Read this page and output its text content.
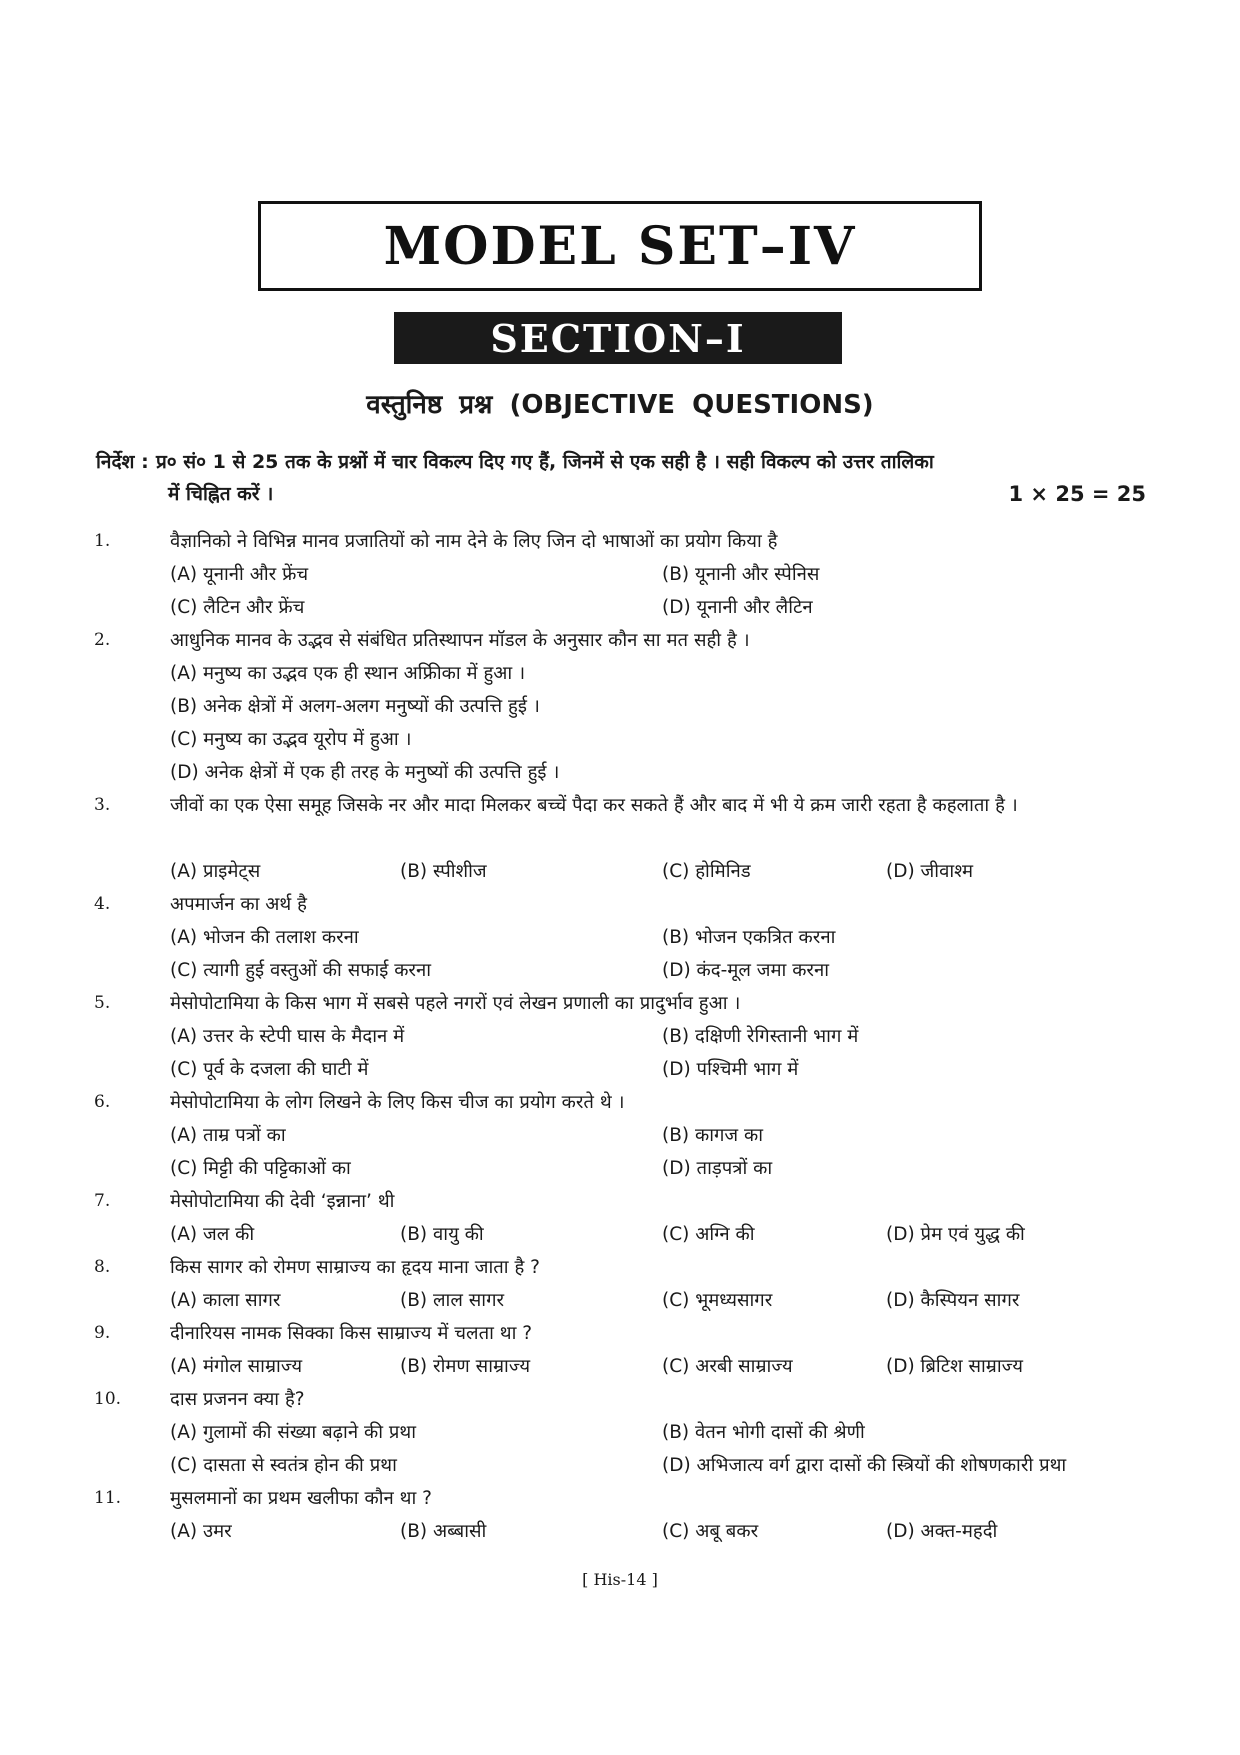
MODEL SET–IV
SECTION–I
वस्तुनिष्ठ प्रश्न (OBJECTIVE QUESTIONS)
निर्देश : प्र० सं० 1 से 25 तक के प्रश्नों में चार विकल्प दिए गए हैं, जिनमें से एक सही है । सही विकल्प को उत्तर तालिका
में चिह्नित करें ।	1 × 25 = 25
1.	वैज्ञानिको ने विभिन्न मानव प्रजातियों को नाम देने के लिए जिन दो भाषाओं का प्रयोग किया है
(A) यूनानी और फ्रेंच	(B) यूनानी और स्पेनिस
(C) लैटिन और फ्रेंच	(D) यूनानी और लैटिन
2.	आधुनिक मानव के उद्भव से संबंधित प्रतिस्थापन मॉडल के अनुसार कौन सा मत सही है ।
(A) मनुष्य का उद्भव एक ही स्थान अफ्रिीका में हुआ ।
(B) अनेक क्षेत्रों में अलग-अलग मनुष्यों की उत्पत्ति हुई ।
(C) मनुष्य का उद्भव यूरोप में हुआ ।
(D) अनेक क्षेत्रों में एक ही तरह के मनुष्यों की उत्पत्ति हुई ।
3.	जीवों का एक ऐसा समूह जिसके नर और मादा मिलकर बच्चें पैदा कर सकते हैं और बाद में भी ये क्रम जारी रहता है कहलाता है ।
(A) प्राइमेट्स	(B) स्पीशीज	(C) होमिनिड	(D) जीवाश्म
4.	अपमार्जन का अर्थ है
(A) भोजन की तलाश करना	(B) भोजन एकत्रित करना
(C) त्यागी हुई वस्तुओं की सफाई करना	(D) कंद-मूल जमा करना
5.	मेसोपोटामिया के किस भाग में सबसे पहले नगरों एवं लेखन प्रणाली का प्रादुर्भाव हुआ ।
(A) उत्तर के स्टेपी घास के मैदान में	(B) दक्षिणी रेगिस्तानी भाग में
(C) पूर्व के दजला की घाटी में	(D) पश्चिमी भाग में
6.	मेसोपोटामिया के लोग लिखने के लिए किस चीज का प्रयोग करते थे ।
(A) ताम्र पत्रों का	(B) कागज का
(C) मिट्टी की पट्टिकाओं का	(D) ताड़पत्रों का
7.	मेसोपोटामिया की देवी ‘इन्नाना’ थी
(A) जल की	(B) वायु की	(C) अग्नि की	(D) प्रेम एवं युद्ध की
8.	किस सागर को रोमण साम्राज्य का हृदय माना जाता है ?
(A) काला सागर	(B) लाल सागर	(C) भूमध्यसागर	(D) कैस्पियन सागर
9.	दीनारियस नामक सिक्का किस साम्राज्य में चलता था ?
(A) मंगोल साम्राज्य	(B) रोमण साम्राज्य	(C) अरबी साम्राज्य	(D) ब्रिटिश साम्राज्य
10.	दास प्रजनन क्या है?
(A) गुलामों की संख्या बढ़ाने की प्रथा	(B) वेतन भोगी दासों की श्रेणी
(C) दासता से स्वतंत्र होन की प्रथा	(D) अभिजात्य वर्ग द्वारा दासों की स्त्रियों की शोषणकारी प्रथा
11.	मुसलमानों का प्रथम खलीफा कौन था ?
(A) उमर	(B) अब्बासी	(C) अबू बकर	(D) अक्त-महदी
[ His-14 ]
